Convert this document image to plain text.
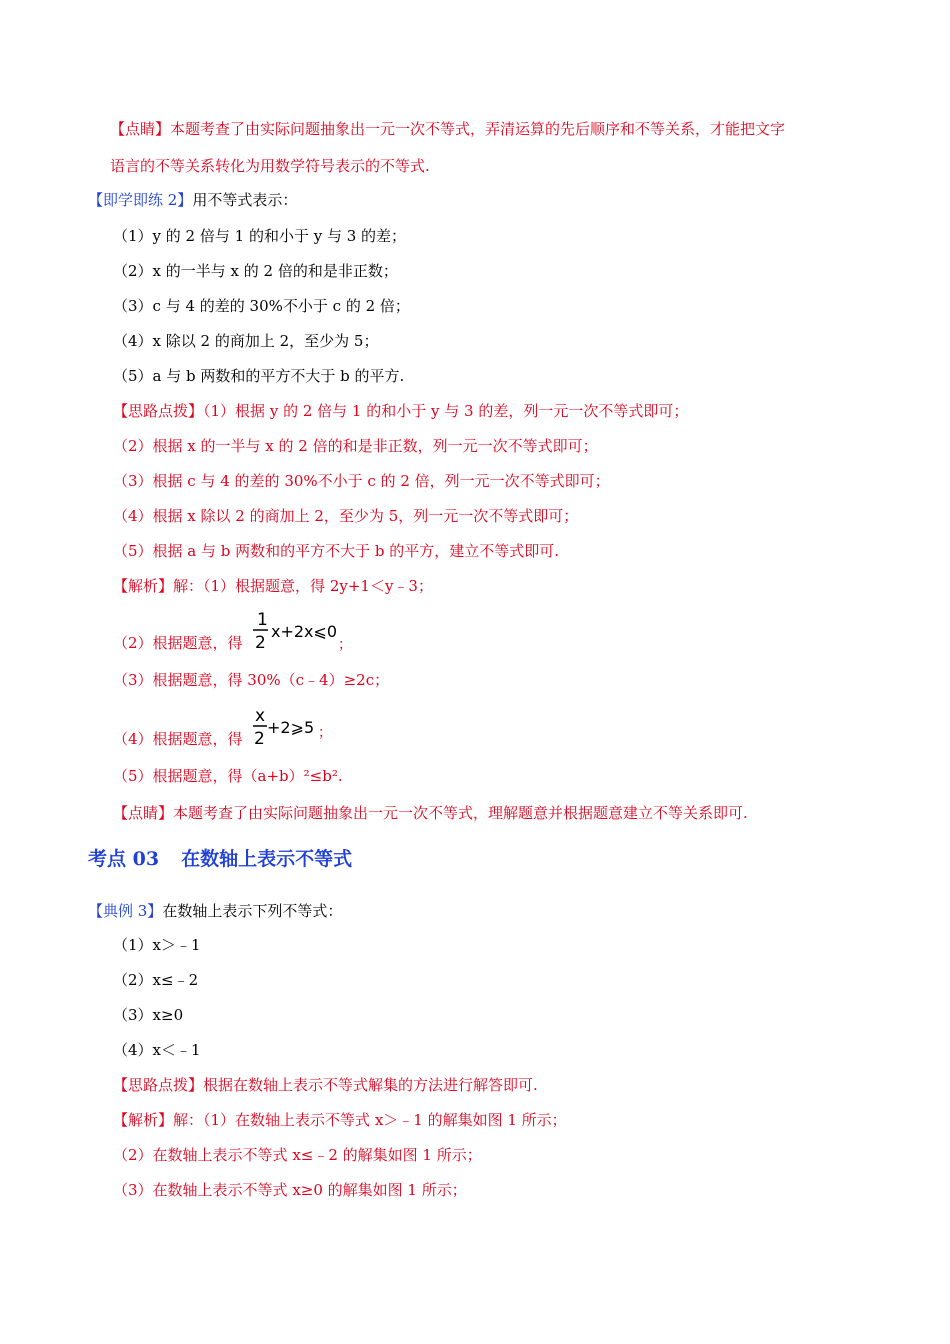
【点睛】本题考查了由实际问题抽象出一元一次不等式，弄清运算的先后顺序和不等关系，才能把文字
语言的不等关系转化为用数学符号表示的不等式.
【即学即练 2】用不等式表示：
（1）y 的 2 倍与 1 的和小于 y 与 3 的差；
（2）x 的一半与 x 的 2 倍的和是非正数；
（3）c 与 4 的差的 30%不小于 c 的 2 倍；
（4）x 除以 2 的商加上 2，至少为 5；
（5）a 与 b 两数和的平方不大于 b 的平方.
【思路点拨】（1）根据 y 的 2 倍与 1 的和小于 y 与 3 的差，列一元一次不等式即可；
（2）根据 x 的一半与 x 的 2 倍的和是非正数，列一元一次不等式即可；
（3）根据 c 与 4 的差的 30%不小于 c 的 2 倍，列一元一次不等式即可；
（4）根据 x 除以 2 的商加上 2，至少为 5，列一元一次不等式即可；
（5）根据 a 与 b 两数和的平方不大于 b 的平方，建立不等式即可.
【解析】解：（1）根据题意，得 2y+1＜y﹣3；
（2）根据题意，得
1
2
x+2x⩽0
；
（3）根据题意，得 30%（c﹣4）≥2c；
（4）根据题意，得
x
2
+2⩾5 ；
（5）根据题意，得（a+b）²≤b².
【点睛】本题考查了由实际问题抽象出一元一次不等式，理解题意并根据题意建立不等关系即可.
考点 03 在数轴上表示不等式
【典例 3】在数轴上表示下列不等式：
（1）x＞﹣1
（2）x≤﹣2
（3）x≥0
（4）x＜﹣1
【思路点拨】根据在数轴上表示不等式解集的方法进行解答即可.
【解析】解：（1）在数轴上表示不等式 x＞﹣1 的解集如图 1 所示；
（2）在数轴上表示不等式 x≤﹣2 的解集如图 1 所示；
（3）在数轴上表示不等式 x≥0 的解集如图 1 所示；
